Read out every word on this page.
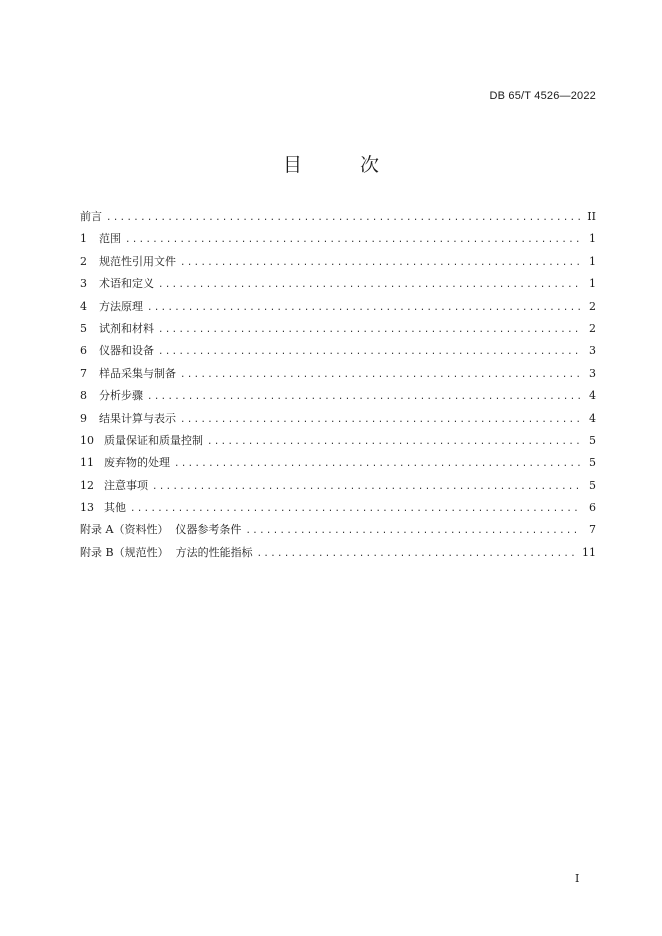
DB 65/T 4526—2022
目 次
前言 .....	II
1 范围 .....	1
2 规范性引用文件 .....	1
3 术语和定义 .....	1
4 方法原理 .....	2
5 试剂和材料 .....	2
6 仪器和设备 .....	3
7 样品采集与制备 .....	3
8 分析步骤 .....	4
9 结果计算与表示 .....	4
10 质量保证和质量控制 .....	5
11 废弃物的处理 .....	5
12 注意事项 .....	5
13 其他 .....	6
附录 A（资料性）  仪器参考条件 .....	7
附录 B（规范性）  方法的性能指标 .....	11
I
